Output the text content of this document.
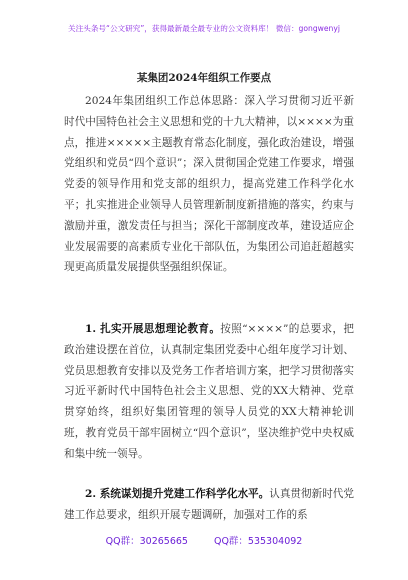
关注头条号“公文研究”，获得最新最全最专业的公文资料库！ 微信：gongwenyj
某集团2024年组织工作要点
2024年集团组织工作总体思路：深入学习贯彻习近平新时代中国特色社会主义思想和党的十九大精神，以××××为重点，推进×××××主题教育常态化制度，强化政治建设，增强党组织和党员“四个意识”；深入贯彻国企党建工作要求，增强党委的领导作用和党支部的组织力，提高党建工作科学化水平；扎实推进企业领导人员管理新制度新措施的落实，约束与激励并重，激发责任与担当；深化干部制度改革，建设适应企业发展需要的高素质专业化干部队伍，为集团公司追赶超越实现更高质量发展提供坚强组织保证。
1. 扎实开展思想理论教育。按照“××××”的总要求，把政治建设摆在首位，认真制定集团党委中心组年度学习计划、党员思想教育安排以及党务工作者培训方案，把学习贯彻落实习近平新时代中国特色社会主义思想、党的XX大精神、党章贯穿始终，组织好集团管理的领导人员党的XX大精神轮训班，教育党员干部牢固树立“四个意识”，坚决维护党中央权威和集中统一领导。
2. 系统谋划提升党建工作科学化水平。认真贯彻新时代党建工作总要求，组织开展专题调研，加强对工作的系
QQ群：30265665	QQ群：535304092
